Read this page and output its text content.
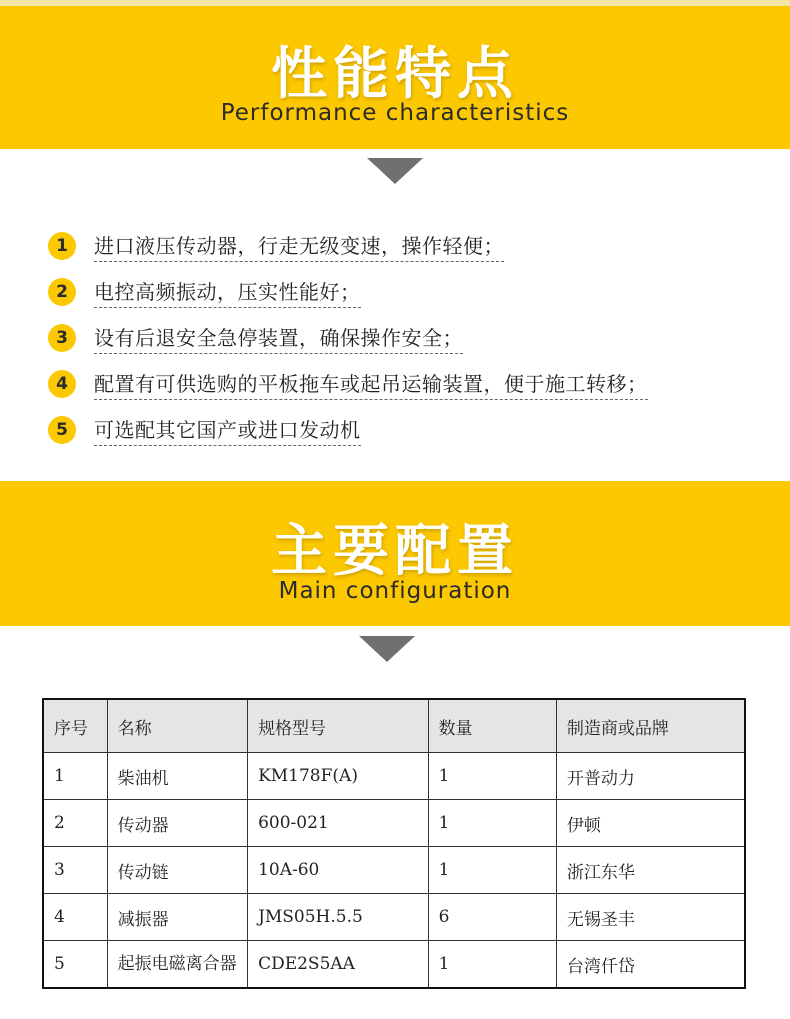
性能特点
Performance characteristics
1	进口液压传动器，行走无级变速，操作轻便；
2	电控高频振动，压实性能好；
3	设有后退安全急停装置，确保操作安全；
4	配置有可供选购的平板拖车或起吊运输装置，便于施工转移；
5	可选配其它国产或进口发动机
主要配置
Main configuration
序号	名称	规格型号	数量	制造商或品牌
1	柴油机	KM178F(A)	1	开普动力
2	传动器	600-021	1	伊顿
3	传动链	10A-60	1	浙江东华
4	减振器	JMS05H.5.5	6	无锡圣丰
5	起振电磁离合器	CDE2S5AA	1	台湾仟岱
